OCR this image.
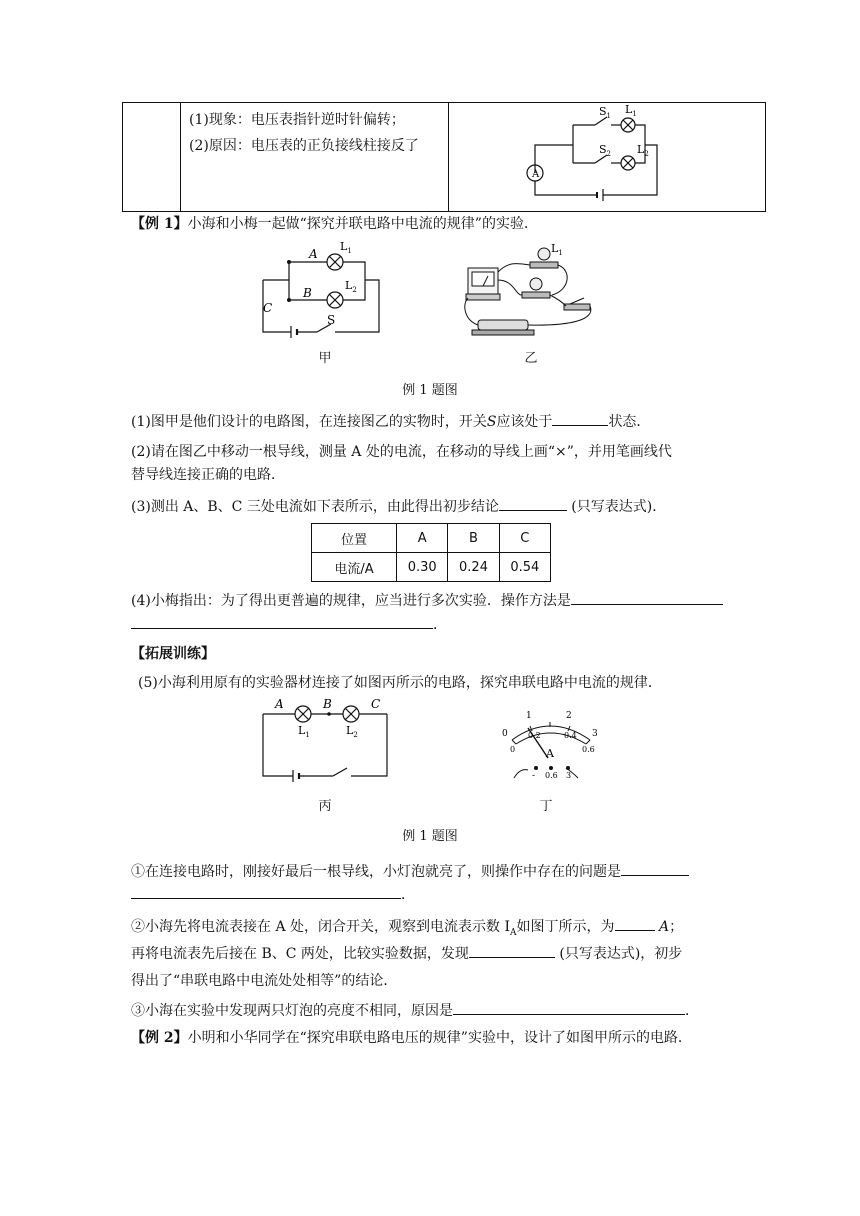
(1)现象：电压表指针逆时针偏转；
(2)原因：电压表的正负接线柱接反了
A
$S_1$ $L_1$
$S_2$ $L_2$
【例 1】小海和小梅一起做“探究并联电路中电流的规律”的实验．
A
B
C
S
$L_1$
$L_2$
甲
$L_1$
乙
例 1 题图
(1)图甲是他们设计的电路图，在连接图乙的实物时，开关S应该处于	状态．
(2)请在图乙中移动一根导线，测量 A 处的电流，在移动的导线上画“×”，并用笔画线代
替导线连接正确的电路．
(3)测出 A、B、C 三处电流如下表所示，由此得出初步结论	(只写表达式)．
位置	A	B	C
电流/A	0.30	0.24	0.54
(4)小梅指出：为了得出更普遍的规律，应当进行多次实验．操作方法是
．
【拓展训练】
(5)小海利用原有的实验器材连接了如图丙所示的电路，探究串联电路中电流的规律．
A	B	C
$L_1$	$L_2$
丙
0
1	2
3
0
0.2	0.4
0.6
A
- 0.6 3
丁
例 1 题图
①在连接电路时，刚接好最后一根导线，小灯泡就亮了，则操作中存在的问题是
．
②小海先将电流表接在 A 处，闭合开关，观察到电流表示数 $I_A$如图丁所示，为	A；
再将电流表先后接在 B、C 两处，比较实验数据，发现	(只写表达式)，初步
得出了“串联电路中电流处处相等”的结论．
③小海在实验中发现两只灯泡的亮度不相同，原因是	．
【例 2】小明和小华同学在“探究串联电路电压的规律”实验中，设计了如图甲所示的电路．
